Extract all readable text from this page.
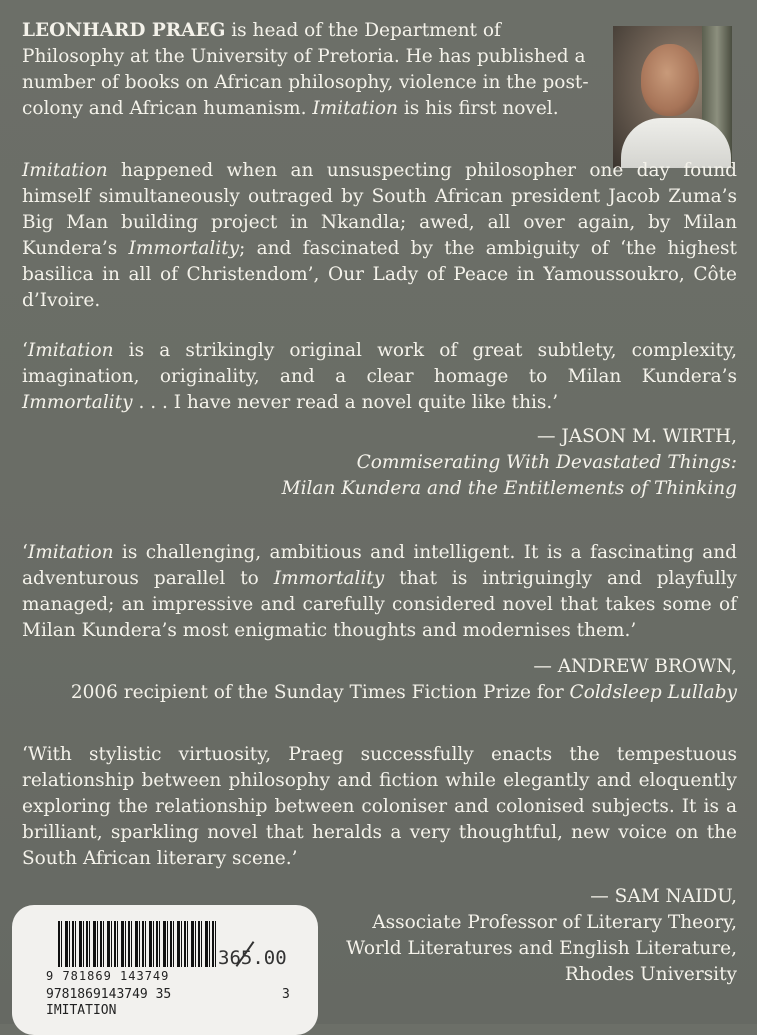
LEONHARD PRAEG is head of the Department of Philosophy at the University of Pretoria. He has published a number of books on African philosophy, violence in the post-colony and African humanism. Imitation is his first novel.

Imitation happened when an unsuspecting philosopher one day found himself simultaneously outraged by South African president Jacob Zuma’s Big Man building project in Nkandla; awed, all over again, by Milan Kundera’s Immortality; and fascinated by the ambiguity of ‘the highest basilica in all of Christendom’, Our Lady of Peace in Yamoussoukro, Côte d’Ivoire.

‘Imitation is a strikingly original work of great subtlety, complexity, imagination, originality, and a clear homage to Milan Kundera’s Immortality . . . I have never read a novel quite like this.’

— JASON M. WIRTH,
Commiserating With Devastated Things:
Milan Kundera and the Entitlements of Thinking

‘Imitation is challenging, ambitious and intelligent. It is a fascinating and adventurous parallel to Immortality that is intriguingly and playfully managed; an impressive and carefully considered novel that takes some of Milan Kundera’s most enigmatic thoughts and modernises them.’

— ANDREW BROWN,
2006 recipient of the Sunday Times Fiction Prize for Coldsleep Lullaby

‘With stylistic virtuosity, Praeg successfully enacts the tempestuous relationship between philosophy and fiction while elegantly and eloquently exploring the relationship between coloniser and colonised subjects. It is a brilliant, sparkling novel that heralds a very thoughtful, new voice on the South African literary scene.’

— SAM NAIDU,
Associate Professor of Literary Theory,
World Literatures and English Literature,
Rhodes University
9 781869 143749
365.00
9781869143749 35	3
IMITATION
